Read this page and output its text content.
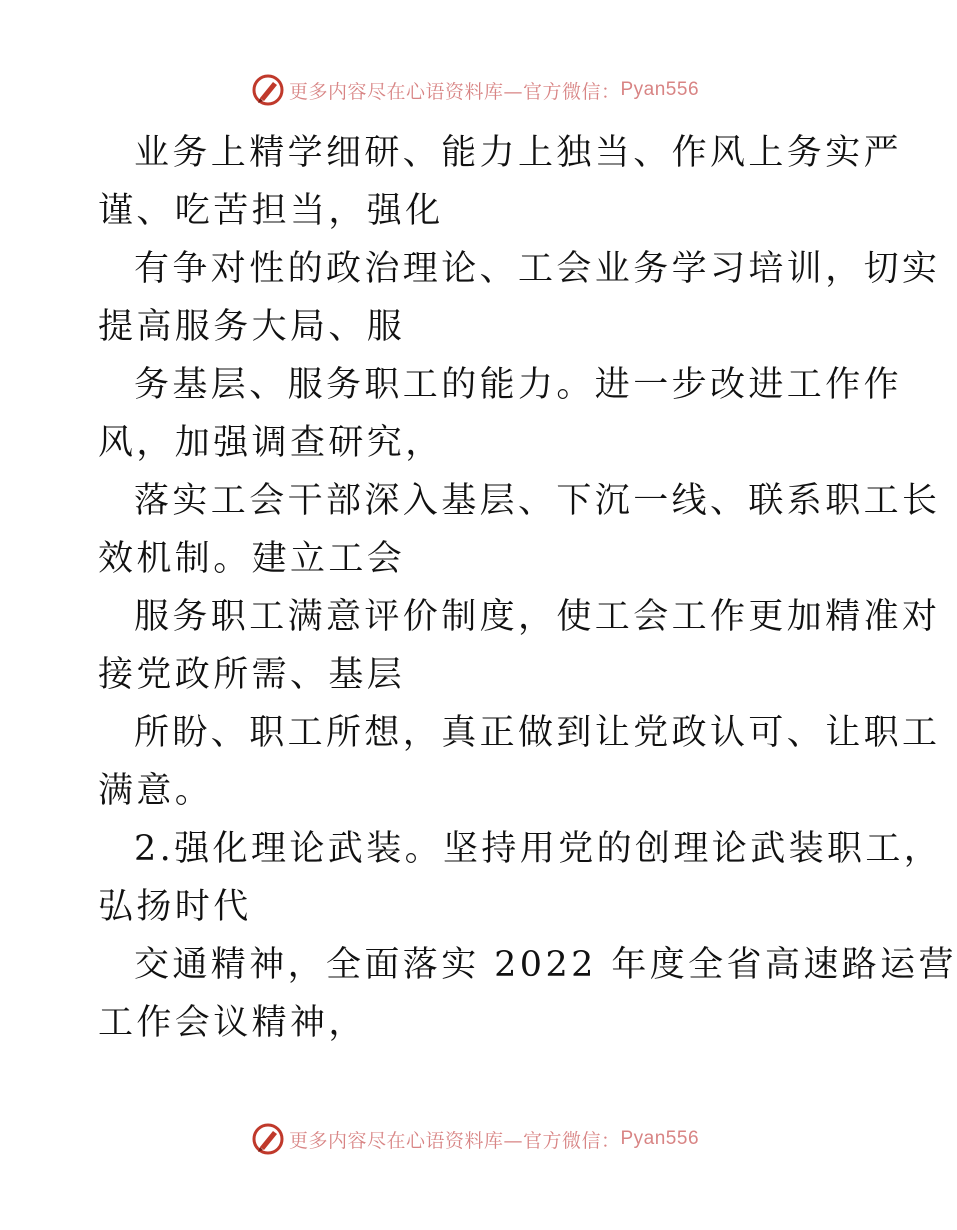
更多内容尽在心语资料库—官方微信： Pyan556

业务上精学细研、能力上独当、作风上务实严
谨、吃苦担当，强化

有争对性的政治理论、工会业务学习培训，切实
提高服务大局、服

务基层、服务职工的能力。进一步改进工作作
风，加强调查研究，

落实工会干部深入基层、下沉一线、联系职工长
效机制。建立工会

服务职工满意评价制度，使工会工作更加精准对
接党政所需、基层

所盼、职工所想，真正做到让党政认可、让职工
满意。

2.强化理论武装。坚持用党的创理论武装职工，
弘扬时代

交通精神，全面落实 2022 年度全省高速路运营
工作会议精神，

更多内容尽在心语资料库—官方微信： Pyan556
